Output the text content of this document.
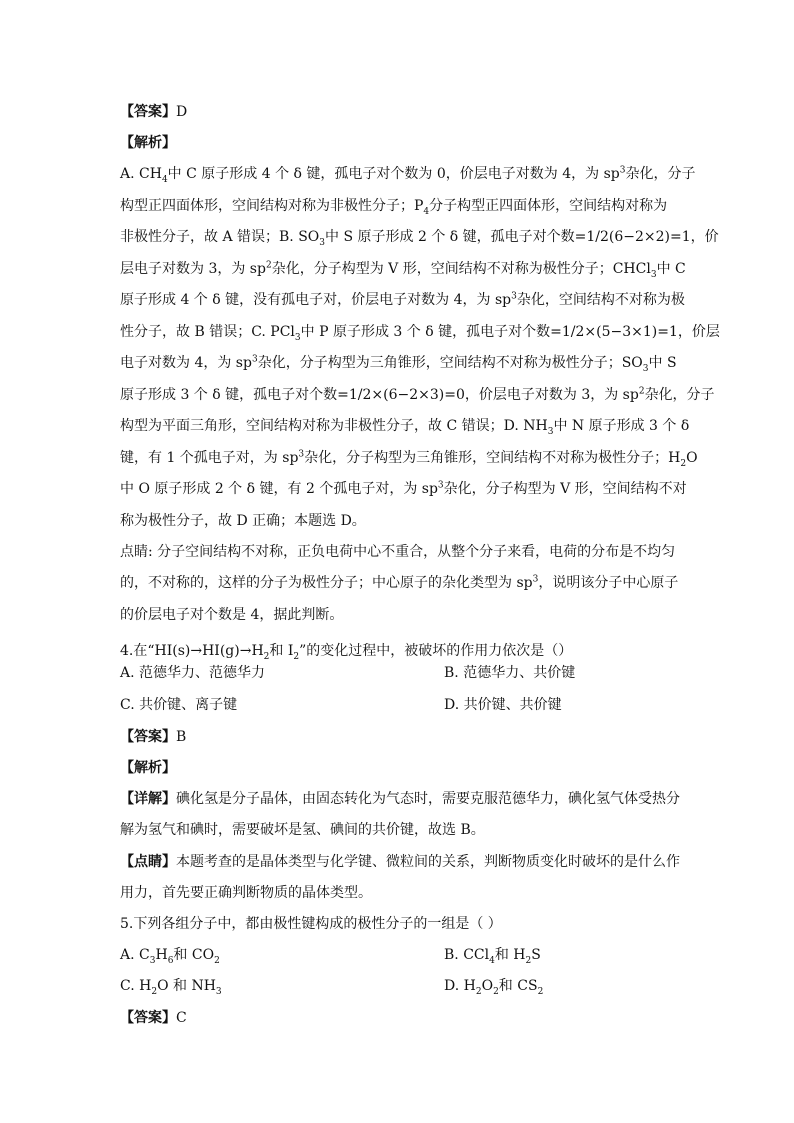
【答案】D
【解析】
A. $CH_4$中 C 原子形成 4 个 δ 键，孤电子对个数为 0，价层电子对数为 4，为 $sp^3$杂化，分子
构型正四面体形，空间结构对称为非极性分子；$P_4$分子构型正四面体形，空间结构对称为
非极性分子，故 A 错误；B. $SO_3$中 S 原子形成 2 个 δ 键，孤电子对个数=1/2(6−2×2)=1，价
层电子对数为 3，为 $sp^2$杂化，分子构型为 V 形，空间结构不对称为极性分子；CHCl$_3$中 C
原子形成 4 个 δ 键，没有孤电子对，价层电子对数为 4，为 $sp^3$杂化，空间结构不对称为极
性分子，故 B 错误；C. PCl$_3$中 P 原子形成 3 个 δ 键，孤电子对个数=1/2×(5−3×1)=1，价层
电子对数为 4，为 $sp^3$杂化，分子构型为三角锥形，空间结构不对称为极性分子；$SO_3$中 S
原子形成 3 个 δ 键，孤电子对个数=1/2×(6−2×3)=0，价层电子对数为 3，为 $sp^2$杂化，分子
构型为平面三角形，空间结构对称为非极性分子，故 C 错误；D. $NH_3$中 N 原子形成 3 个 δ
键，有 1 个孤电子对，为 $sp^3$杂化，分子构型为三角锥形，空间结构不对称为极性分子；$H_2O$
中 O 原子形成 2 个 δ 键，有 2 个孤电子对，为 $sp^3$杂化，分子构型为 V 形，空间结构不对
称为极性分子，故 D 正确；本题选 D。
点睛: 分子空间结构不对称，正负电荷中心不重合，从整个分子来看，电荷的分布是不均匀
的，不对称的，这样的分子为极性分子；中心原子的杂化类型为 $sp^3$，说明该分子中心原子
的价层电子对个数是 4，据此判断。
4.在“$HI(s)\to HI(g)\to H_2$和 $I_2$”的变化过程中，被破坏的作用力依次是（）
A. 范德华力、范德华力	B. 范德华力、共价键
C. 共价键、离子键	D. 共价键、共价键
【答案】B
【解析】
【详解】碘化氢是分子晶体，由固态转化为气态时，需要克服范德华力，碘化氢气体受热分
解为氢气和碘时，需要破坏是氢、碘间的共价键，故选 B。
【点睛】本题考查的是晶体类型与化学键、微粒间的关系，判断物质变化时破坏的是什么作
用力，首先要正确判断物质的晶体类型。
5.下列各组分子中，都由极性键构成的极性分子的一组是（ ）
A. $C_3H_6$和 $CO_2$	B. CCl$_4$和 $H_2S$
C. $H_2O$ 和 $NH_3$	D. $H_2O_2$和 $CS_2$
【答案】C
